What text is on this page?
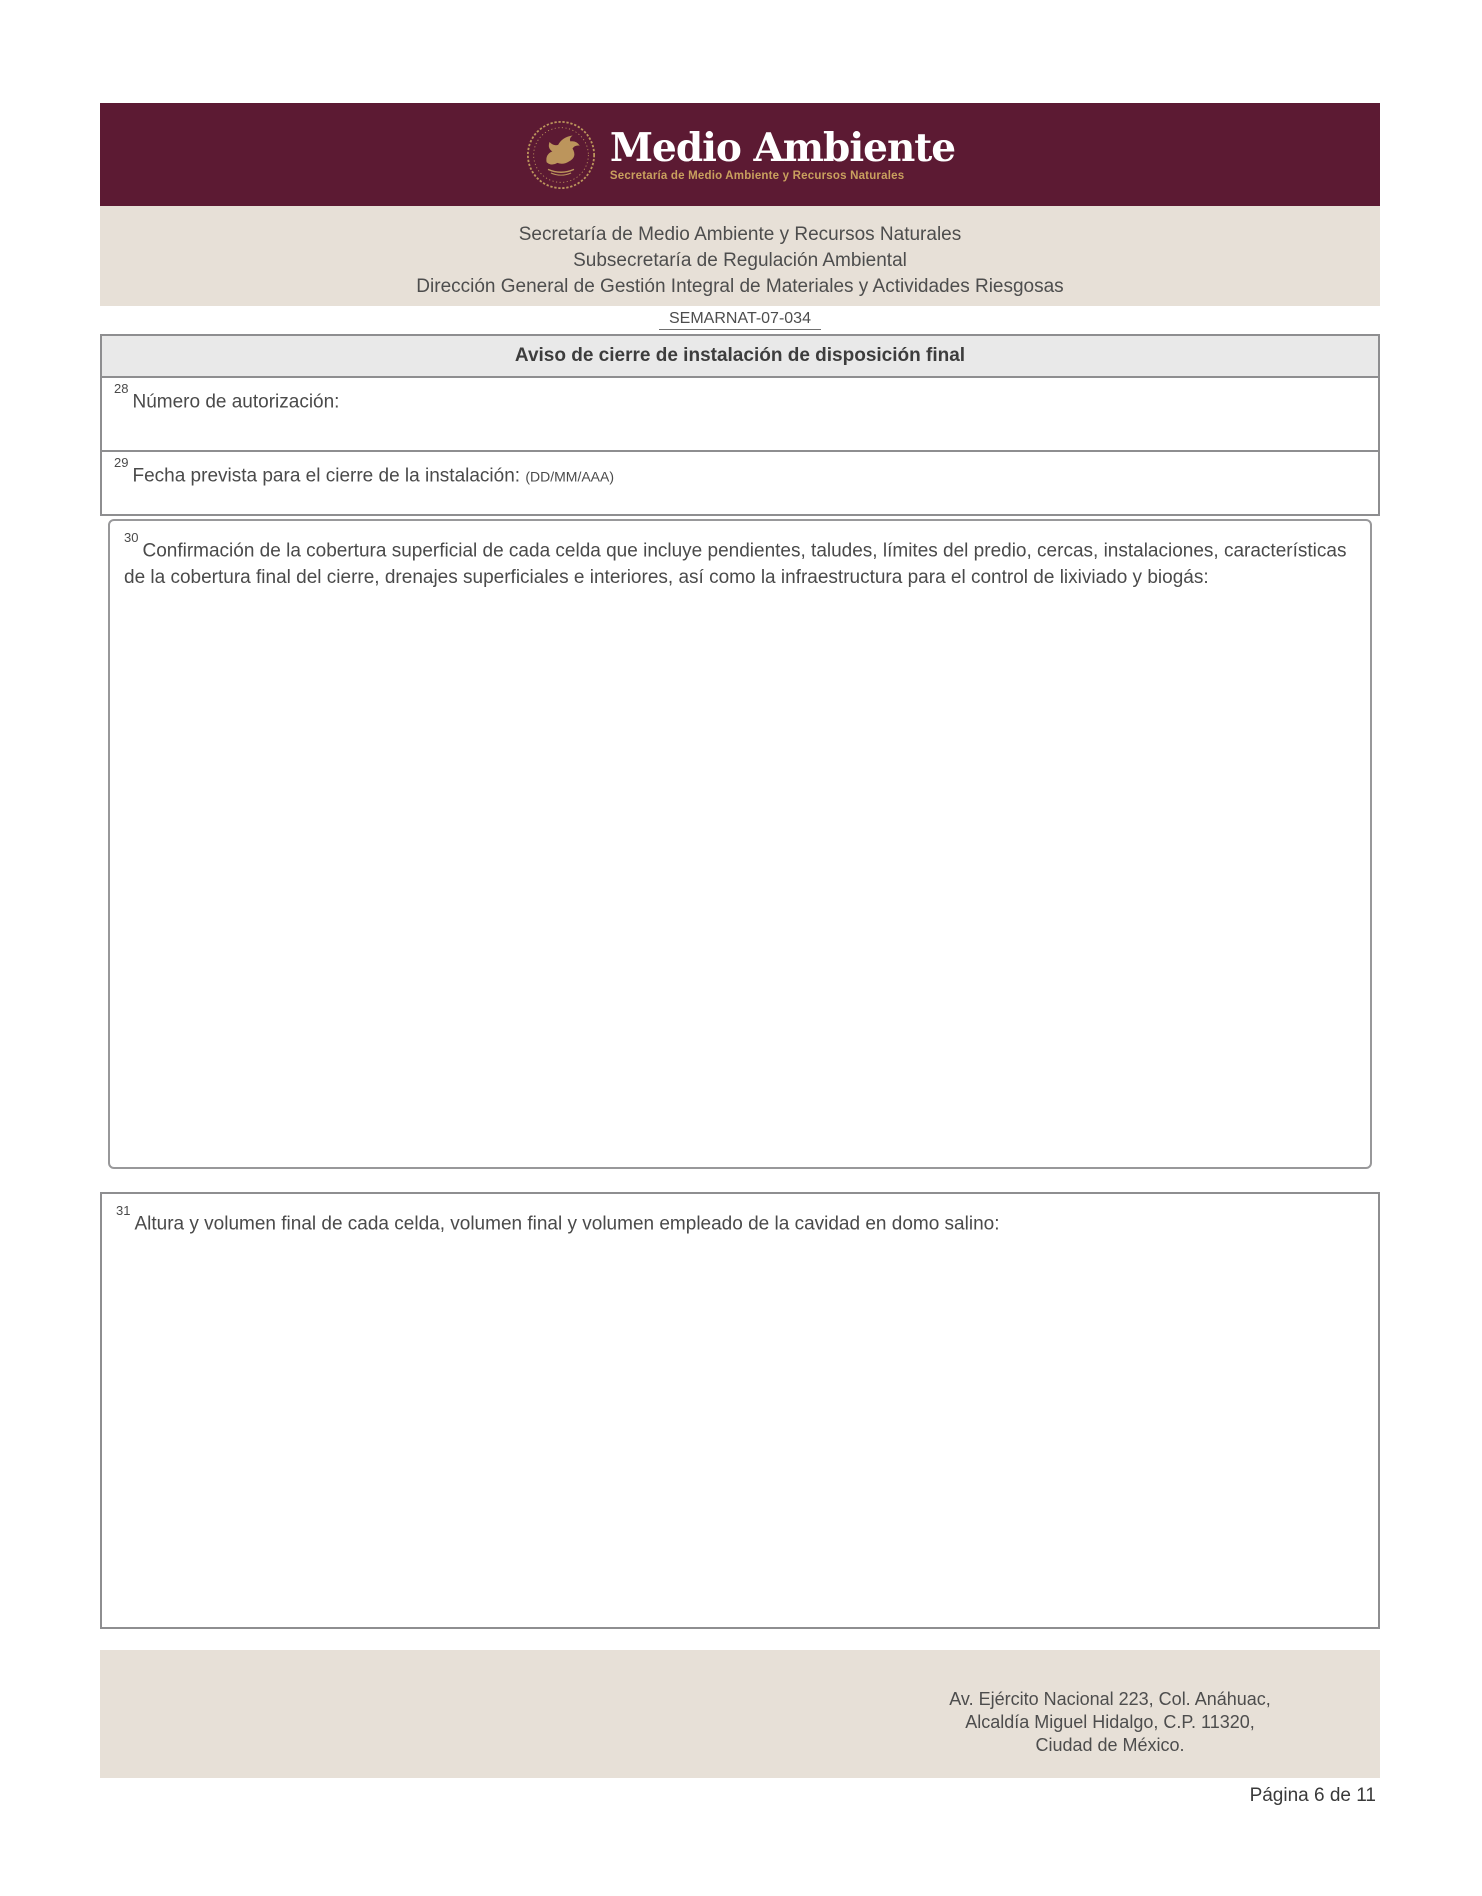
Medio Ambiente
Secretaría de Medio Ambiente y Recursos Naturales
Secretaría de Medio Ambiente y Recursos Naturales
Subsecretaría de Regulación Ambiental
Dirección General de Gestión Integral de Materiales y Actividades Riesgosas
SEMARNAT-07-034
Aviso de cierre de instalación de disposición final
$^{28}$Número de autorización:
$^{29}$Fecha prevista para el cierre de la instalación: (DD/MM/AAA)
$^{30}$Confirmación de la cobertura superficial de cada celda que incluye pendientes, taludes, límites del predio, cercas, instalaciones, características de la cobertura final del cierre, drenajes superficiales e interiores, así como la infraestructura para el control de lixiviado y biogás:
$^{31}$Altura y volumen final de cada celda, volumen final y volumen empleado de la cavidad en domo salino:
Av. Ejército Nacional 223, Col. Anáhuac,
Alcaldía Miguel Hidalgo, C.P. 11320,
Ciudad de México.
Página 6 de 11
